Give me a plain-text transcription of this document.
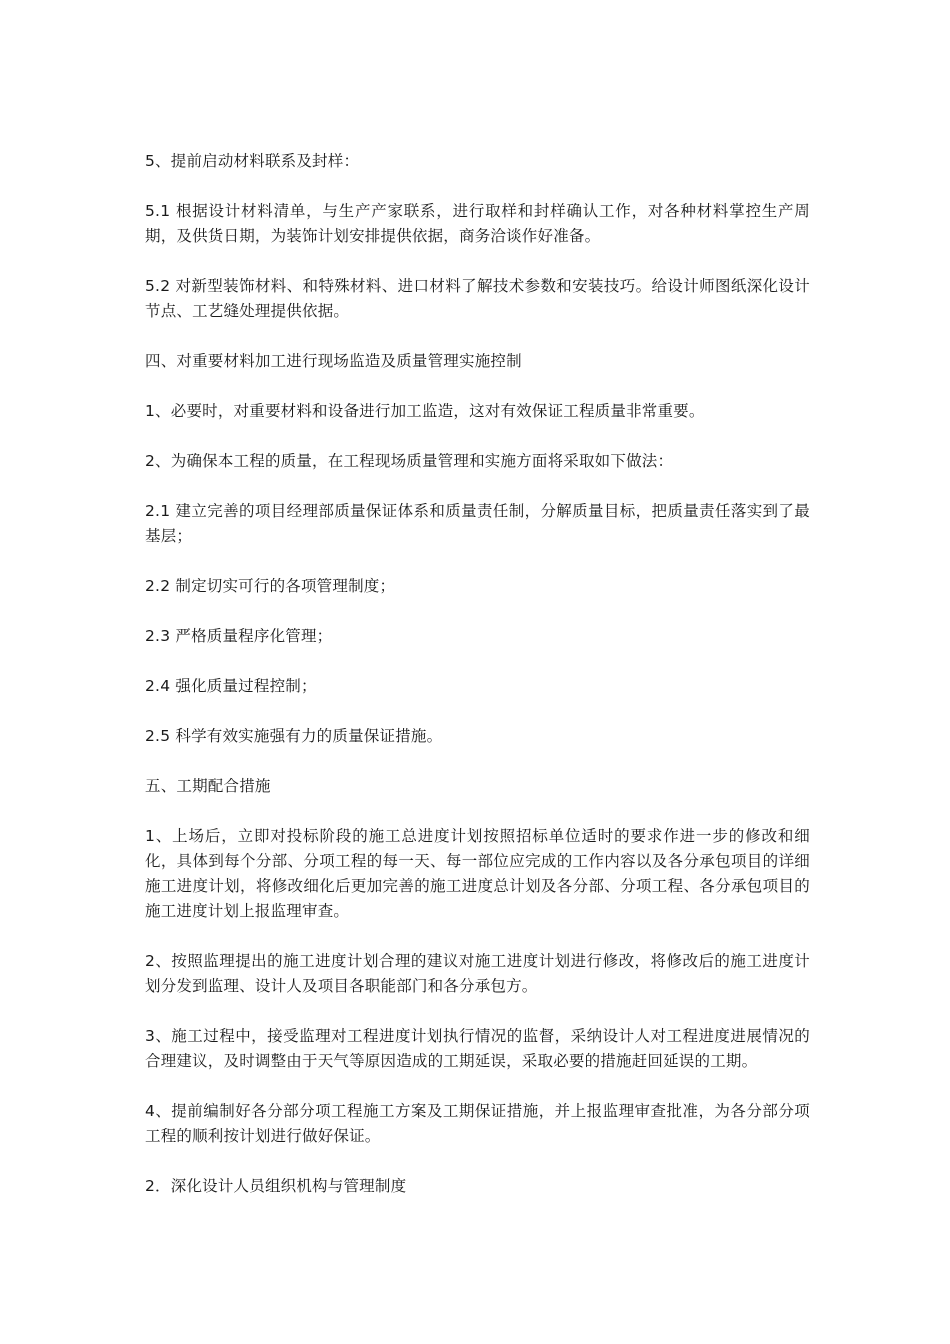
5、提前启动材料联系及封样：

5.1 根据设计材料清单，与生产产家联系，进行取样和封样确认工作，对各种材料掌控生产周期，及供货日期，为装饰计划安排提供依据，商务洽谈作好准备。

5.2 对新型装饰材料、和特殊材料、进口材料了解技术参数和安装技巧。给设计师图纸深化设计节点、工艺缝处理提供依据。

四、对重要材料加工进行现场监造及质量管理实施控制

1、必要时，对重要材料和设备进行加工监造，这对有效保证工程质量非常重要。

2、为确保本工程的质量，在工程现场质量管理和实施方面将采取如下做法：

2.1 建立完善的项目经理部质量保证体系和质量责任制，分解质量目标，把质量责任落实到了最基层；

2.2 制定切实可行的各项管理制度；

2.3 严格质量程序化管理；

2.4 强化质量过程控制；

2.5 科学有效实施强有力的质量保证措施。

五、工期配合措施

1、上场后，立即对投标阶段的施工总进度计划按照招标单位适时的要求作进一步的修改和细化，具体到每个分部、分项工程的每一天、每一部位应完成的工作内容以及各分承包项目的详细施工进度计划，将修改细化后更加完善的施工进度总计划及各分部、分项工程、各分承包项目的施工进度计划上报监理审查。

2、按照监理提出的施工进度计划合理的建议对施工进度计划进行修改，将修改后的施工进度计划分发到监理、设计人及项目各职能部门和各分承包方。

3、施工过程中，接受监理对工程进度计划执行情况的监督，采纳设计人对工程进度进展情况的合理建议，及时调整由于天气等原因造成的工期延误，采取必要的措施赶回延误的工期。

4、提前编制好各分部分项工程施工方案及工期保证措施，并上报监理审查批准，为各分部分项工程的顺利按计划进行做好保证。

2．深化设计人员组织机构与管理制度
